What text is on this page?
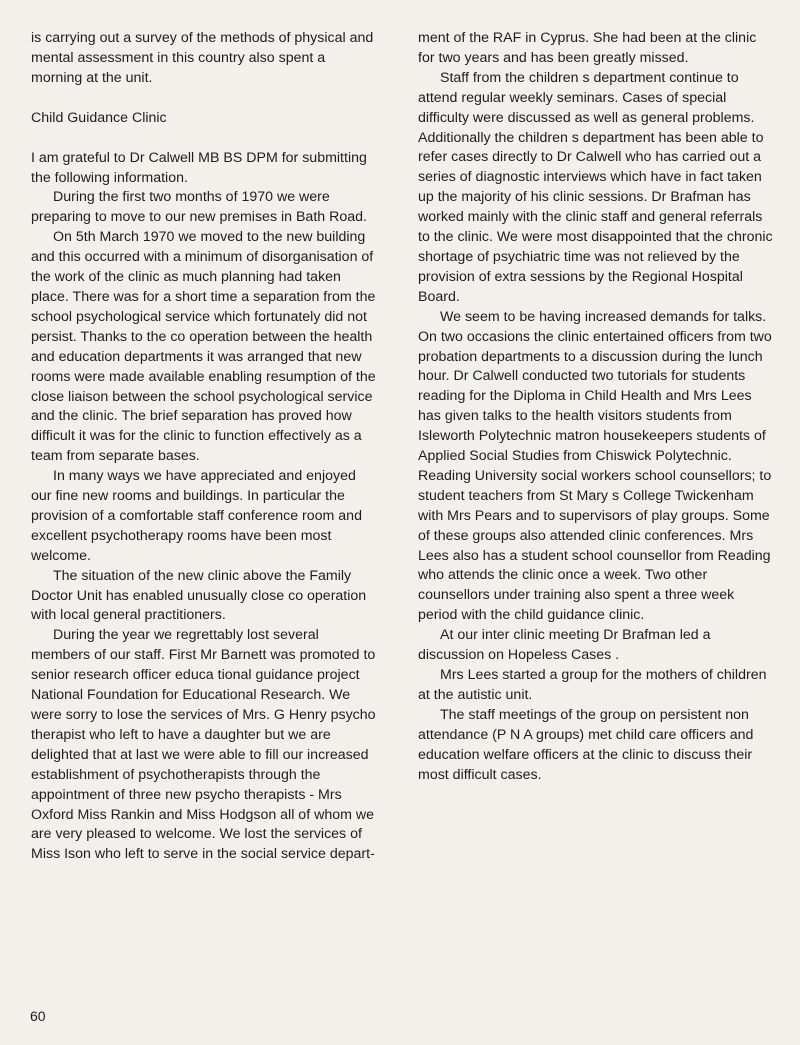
is carrying out a survey of the methods of physical and mental assessment in this country also spent a morning at the unit.

Child Guidance Clinic

I am grateful to Dr Calwell MB BS DPM for submitting the following information.

During the first two months of 1970 we were preparing to move to our new premises in Bath Road.

On 5th March 1970 we moved to the new building and this occurred with a minimum of disorganisation of the work of the clinic as much planning had taken place. There was for a short time a separation from the school psychological service which fortunately did not persist. Thanks to the co operation between the health and education departments it was arranged that new rooms were made available enabling resumption of the close liaison between the school psychological service and the clinic. The brief separation has proved how difficult it was for the clinic to function effectively as a team from separate bases.

In many ways we have appreciated and enjoyed our fine new rooms and buildings. In particular the provision of a comfortable staff conference room and excellent psychotherapy rooms have been most welcome.

The situation of the new clinic above the Family Doctor Unit has enabled unusually close co operation with local general practitioners.

During the year we regrettably lost several members of our staff. First Mr Barnett was promoted to senior research officer educa tional guidance project National Foundation for Educational Research. We were sorry to lose the services of Mrs. G Henry psycho therapist who left to have a daughter but we are delighted that at last we were able to fill our increased establishment of psychotherapists through the appointment of three new psycho therapists - Mrs Oxford Miss Rankin and Miss Hodgson all of whom we are very pleased to welcome. We lost the services of Miss Ison who left to serve in the social service depart-

ment of the RAF in Cyprus. She had been at the clinic for two years and has been greatly missed.

Staff from the children s department continue to attend regular weekly seminars. Cases of special difficulty were discussed as well as general problems. Additionally the children s department has been able to refer cases directly to Dr Calwell who has carried out a series of diagnostic interviews which have in fact taken up the majority of his clinic sessions. Dr Brafman has worked mainly with the clinic staff and general referrals to the clinic. We were most disappointed that the chronic shortage of psychiatric time was not relieved by the provision of extra sessions by the Regional Hospital Board.

We seem to be having increased demands for talks. On two occasions the clinic entertained officers from two probation departments to a discussion during the lunch hour. Dr Calwell conducted two tutorials for students reading for the Diploma in Child Health and Mrs Lees has given talks to the health visitors students from Isleworth Polytechnic matron housekeepers students of Applied Social Studies from Chiswick Polytechnic. Reading University social workers school counsellors; to student teachers from St Mary s College Twickenham with Mrs Pears and to supervisors of play groups. Some of these groups also attended clinic conferences. Mrs Lees also has a student school counsellor from Reading who attends the clinic once a week. Two other counsellors under training also spent a three week period with the child guidance clinic.

At our inter clinic meeting Dr Brafman led a discussion on Hopeless Cases .

Mrs Lees started a group for the mothers of children at the autistic unit.

The staff meetings of the group on persistent non attendance (P N A groups) met child care officers and education welfare officers at the clinic to discuss their most difficult cases.

60
